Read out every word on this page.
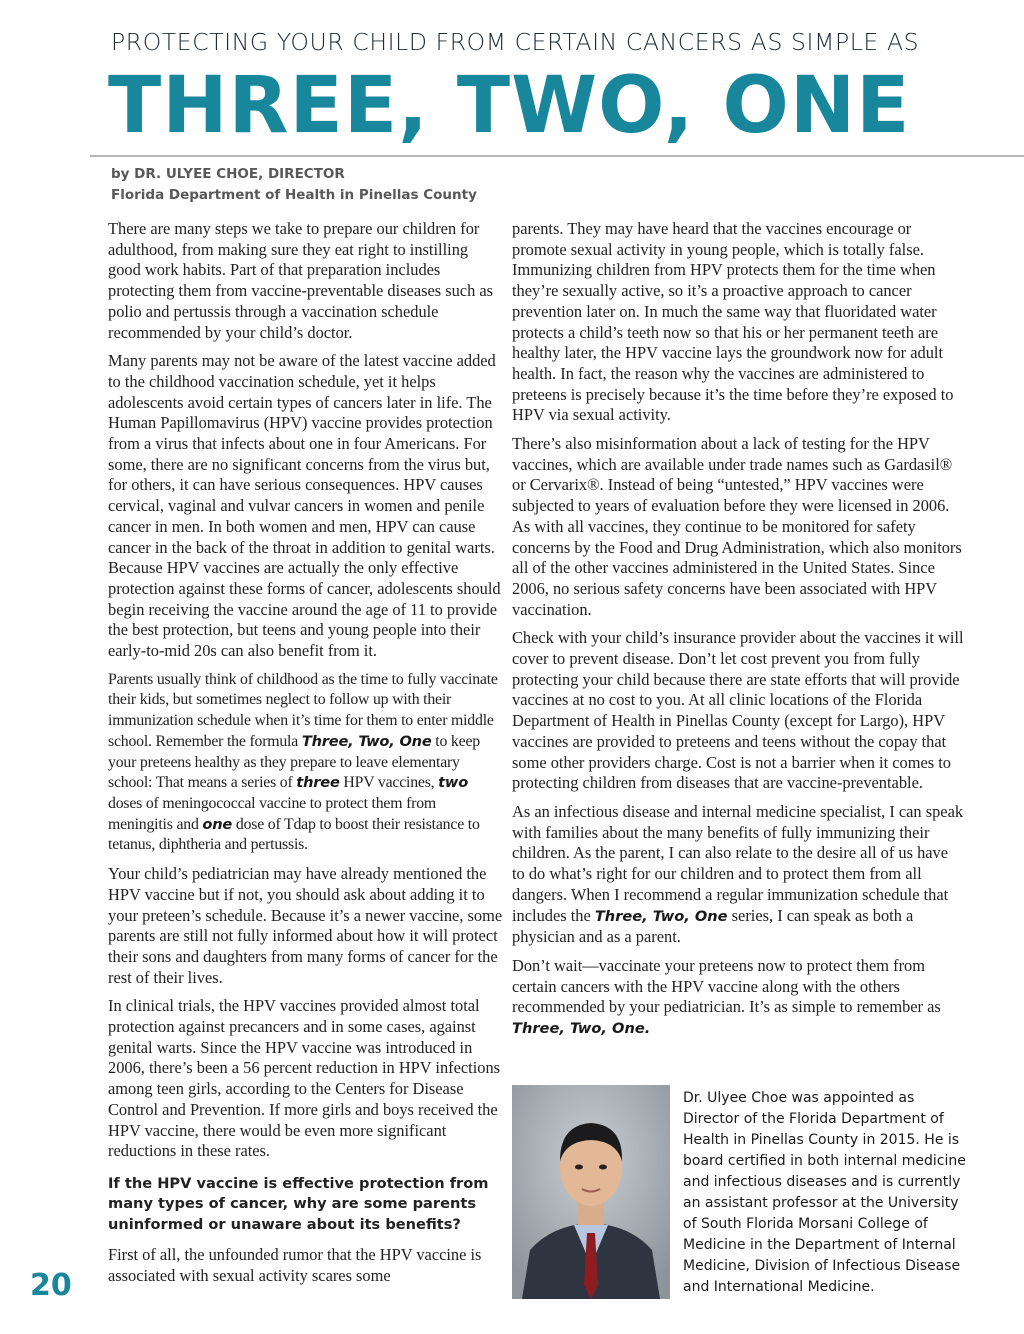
PROTECTING YOUR CHILD FROM CERTAIN CANCERS AS SIMPLE AS
THREE, TWO, ONE
by DR. ULYEE CHOE, DIRECTOR
Florida Department of Health in Pinellas County

There are many steps we take to prepare our children for adulthood, from making sure they eat right to instilling good work habits. Part of that preparation includes protecting them from vaccine-preventable diseases such as polio and pertussis through a vaccination schedule recommended by your child’s doctor.

Many parents may not be aware of the latest vaccine added to the childhood vaccination schedule, yet it helps adolescents avoid certain types of cancers later in life. The Human Papillomavirus (HPV) vaccine provides protection from a virus that infects about one in four Americans. For some, there are no significant concerns from the virus but, for others, it can have serious consequences. HPV causes cervical, vaginal and vulvar cancers in women and penile cancer in men. In both women and men, HPV can cause cancer in the back of the throat in addition to genital warts. Because HPV vaccines are actually the only effective protection against these forms of cancer, adolescents should begin receiving the vaccine around the age of 11 to provide the best protection, but teens and young people into their early-to-mid 20s can also benefit from it.

Parents usually think of childhood as the time to fully vaccinate their kids, but sometimes neglect to follow up with their immunization schedule when it’s time for them to enter middle school. Remember the formula Three, Two, One to keep your preteens healthy as they prepare to leave elementary school: That means a series of three HPV vaccines, two doses of meningococcal vaccine to protect them from meningitis and one dose of Tdap to boost their resistance to tetanus, diphtheria and pertussis.

Your child’s pediatrician may have already mentioned the HPV vaccine but if not, you should ask about adding it to your preteen’s schedule. Because it’s a newer vaccine, some parents are still not fully informed about how it will protect their sons and daughters from many forms of cancer for the rest of their lives.

In clinical trials, the HPV vaccines provided almost total protection against precancers and in some cases, against genital warts. Since the HPV vaccine was introduced in 2006, there’s been a 56 percent reduction in HPV infections among teen girls, according to the Centers for Disease Control and Prevention. If more girls and boys received the HPV vaccine, there would be even more significant reductions in these rates.

If the HPV vaccine is effective protection from many types of cancer, why are some parents uninformed or unaware about its benefits?

First of all, the unfounded rumor that the HPV vaccine is associated with sexual activity scares some

parents. They may have heard that the vaccines encourage or promote sexual activity in young people, which is totally false. Immunizing children from HPV protects them for the time when they’re sexually active, so it’s a proactive approach to cancer prevention later on. In much the same way that fluoridated water protects a child’s teeth now so that his or her permanent teeth are healthy later, the HPV vaccine lays the groundwork now for adult health. In fact, the reason why the vaccines are administered to preteens is precisely because it’s the time before they’re exposed to HPV via sexual activity.

There’s also misinformation about a lack of testing for the HPV vaccines, which are available under trade names such as Gardasil® or Cervarix®. Instead of being “untested,” HPV vaccines were subjected to years of evaluation before they were licensed in 2006. As with all vaccines, they continue to be monitored for safety concerns by the Food and Drug Administration, which also monitors all of the other vaccines administered in the United States. Since 2006, no serious safety concerns have been associated with HPV vaccination.

Check with your child’s insurance provider about the vaccines it will cover to prevent disease. Don’t let cost prevent you from fully protecting your child because there are state efforts that will provide vaccines at no cost to you. At all clinic locations of the Florida Department of Health in Pinellas County (except for Largo), HPV vaccines are provided to preteens and teens without the copay that some other providers charge. Cost is not a barrier when it comes to protecting children from diseases that are vaccine-preventable.

As an infectious disease and internal medicine specialist, I can speak with families about the many benefits of fully immunizing their children. As the parent, I can also relate to the desire all of us have to do what’s right for our children and to protect them from all dangers. When I recommend a regular immunization schedule that includes the Three, Two, One series, I can speak as both a physician and as a parent.

Don’t wait—vaccinate your preteens now to protect them from certain cancers with the HPV vaccine along with the others recommended by your pediatrician. It’s as simple to remember as Three, Two, One.

Dr. Ulyee Choe was appointed as Director of the Florida Department of Health in Pinellas County in 2015. He is board certified in both internal medicine and infectious diseases and is currently an assistant professor at the University of South Florida Morsani College of Medicine in the Department of Internal Medicine, Division of Infectious Disease and International Medicine.
20
